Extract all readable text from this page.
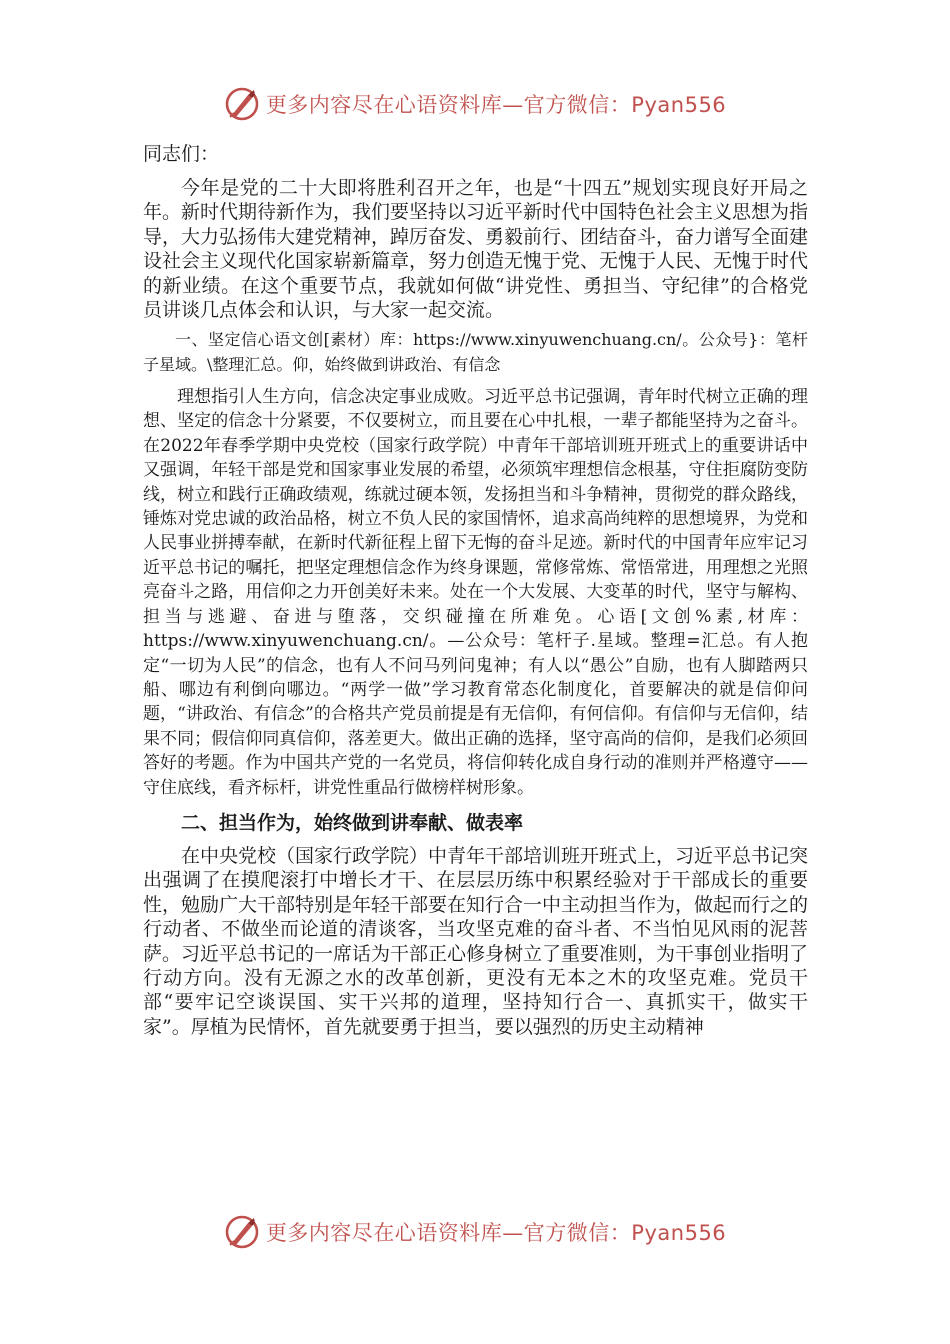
更多内容尽在心语资料库—官方微信：Pyan556

同志们：

今年是党的二十大即将胜利召开之年，也是“十四五”规划实现良好开局之年。新时代期待新作为，我们要坚持以习近平新时代中国特色社会主义思想为指导，大力弘扬伟大建党精神，踔厉奋发、勇毅前行、团结奋斗，奋力谱写全面建设社会主义现代化国家崭新篇章，努力创造无愧于党、无愧于人民、无愧于时代的新业绩。在这个重要节点，我就如何做“讲党性、勇担当、守纪律”的合格党员讲谈几点体会和认识，与大家一起交流。

一、坚定信心语文创[素材）库：https://www.xinyuwenchuang.cn/。公众号}：笔杆子星域。\整理汇总。仰，始终做到讲政治、有信念

理想指引人生方向，信念决定事业成败。习近平总书记强调，青年时代树立正确的理想、坚定的信念十分紧要，不仅要树立，而且要在心中扎根，一辈子都能坚持为之奋斗。在2022年春季学期中央党校（国家行政学院）中青年干部培训班开班式上的重要讲话中又强调，年轻干部是党和国家事业发展的希望，必须筑牢理想信念根基，守住拒腐防变防线，树立和践行正确政绩观，练就过硬本领，发扬担当和斗争精神，贯彻党的群众路线，锤炼对党忠诚的政治品格，树立不负人民的家国情怀，追求高尚纯粹的思想境界，为党和人民事业拼搏奉献，在新时代新征程上留下无悔的奋斗足迹。新时代的中国青年应牢记习近平总书记的嘱托，把坚定理想信念作为终身课题，常修常炼、常悟常进，用理想之光照亮奋斗之路，用信仰之力开创美好未来。处在一个大发展、大变革的时代，坚守与解构、担当与逃避、奋进与堕落，交织碰撞在所难免。心语[文创%素,材库：https://www.xinyuwenchuang.cn/。—公众号：笔杆子.星域。整理=汇总。有人抱定“一切为人民”的信念，也有人不问马列问鬼神；有人以“愚公”自励，也有人脚踏两只船、哪边有利倒向哪边。“两学一做”学习教育常态化制度化，首要解决的就是信仰问题，“讲政治、有信念”的合格共产党员前提是有无信仰，有何信仰。有信仰与无信仰，结果不同；假信仰同真信仰，落差更大。做出正确的选择，坚守高尚的信仰，是我们必须回答好的考题。作为中国共产党的一名党员，将信仰转化成自身行动的准则并严格遵守——守住底线，看齐标杆，讲党性重品行做榜样树形象。

二、担当作为，始终做到讲奉献、做表率

在中央党校（国家行政学院）中青年干部培训班开班式上，习近平总书记突出强调了在摸爬滚打中增长才干、在层层历练中积累经验对于干部成长的重要性，勉励广大干部特别是年轻干部要在知行合一中主动担当作为，做起而行之的行动者、不做坐而论道的清谈客，当攻坚克难的奋斗者、不当怕见风雨的泥菩萨。习近平总书记的一席话为干部正心修身树立了重要准则，为干事创业指明了行动方向。没有无源之水的改革创新，更没有无本之木的攻坚克难。党员干部“要牢记空谈误国、实干兴邦的道理，坚持知行合一、真抓实干，做实干家”。厚植为民情怀，首先就要勇于担当，要以强烈的历史主动精神

更多内容尽在心语资料库—官方微信：Pyan556
